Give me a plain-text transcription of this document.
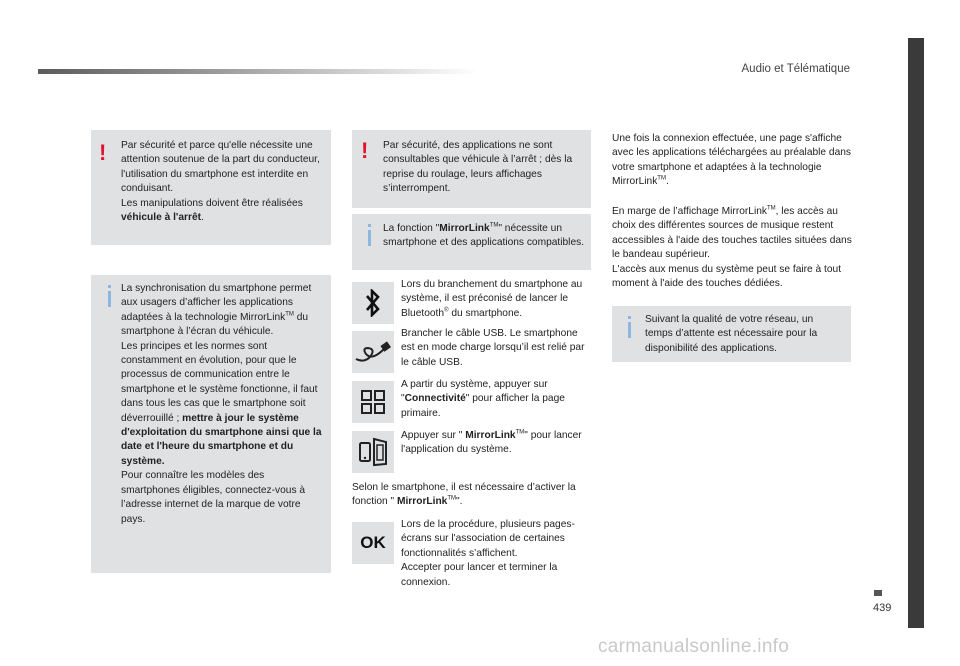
Audio et Télématique
439
carmanualsonline.info
! Par sécurité et parce qu'elle nécessite une attention soutenue de la part du conducteur, l'utilisation du smartphone est interdite en conduisant.
Les manipulations doivent être réalisées véhicule à l'arrêt.
La synchronisation du smartphone permet aux usagers d’afficher les applications adaptées à la technologie MirrorLink™ du smartphone à l’écran du véhicule.
Les principes et les normes sont constamment en évolution, pour que le processus de communication entre le smartphone et le système fonctionne, il faut dans tous les cas que le smartphone soit déverrouillé ; mettre à jour le système d'exploitation du smartphone ainsi que la date et l'heure du smartphone et du système.
Pour connaître les modèles des smartphones éligibles, connectez-vous à l’adresse internet de la marque de votre pays.
! Par sécurité, des applications ne sont consultables que véhicule à l’arrêt ; dès la reprise du roulage, leurs affichages s’interrompent.
La fonction "MirrorLink™" nécessite un smartphone et des applications compatibles.
Lors du branchement du smartphone au système, il est préconisé de lancer le Bluetooth® du smartphone.
Brancher le câble USB. Le smartphone est en mode charge lorsqu’il est relié par le câble USB.
A partir du système, appuyer sur "Connectivité" pour afficher la page primaire.
Appuyer sur " MirrorLink™" pour lancer l'application du système.
Selon le smartphone, il est nécessaire d’activer la fonction " MirrorLink™".
OK
Lors de la procédure, plusieurs pages-écrans sur l'association de certaines fonctionnalités s’affichent.
Accepter pour lancer et terminer la connexion.
Une fois la connexion effectuée, une page s'affiche avec les applications téléchargées au préalable dans votre smartphone et adaptées à la technologie MirrorLink™.
En marge de l’affichage MirrorLink™, les accès au choix des différentes sources de musique restent accessibles à l'aide des touches tactiles situées dans le bandeau supérieur.
L'accès aux menus du système peut se faire à tout moment à l'aide des touches dédiées.
Suivant la qualité de votre réseau, un temps d’attente est nécessaire pour la disponibilité des applications.
